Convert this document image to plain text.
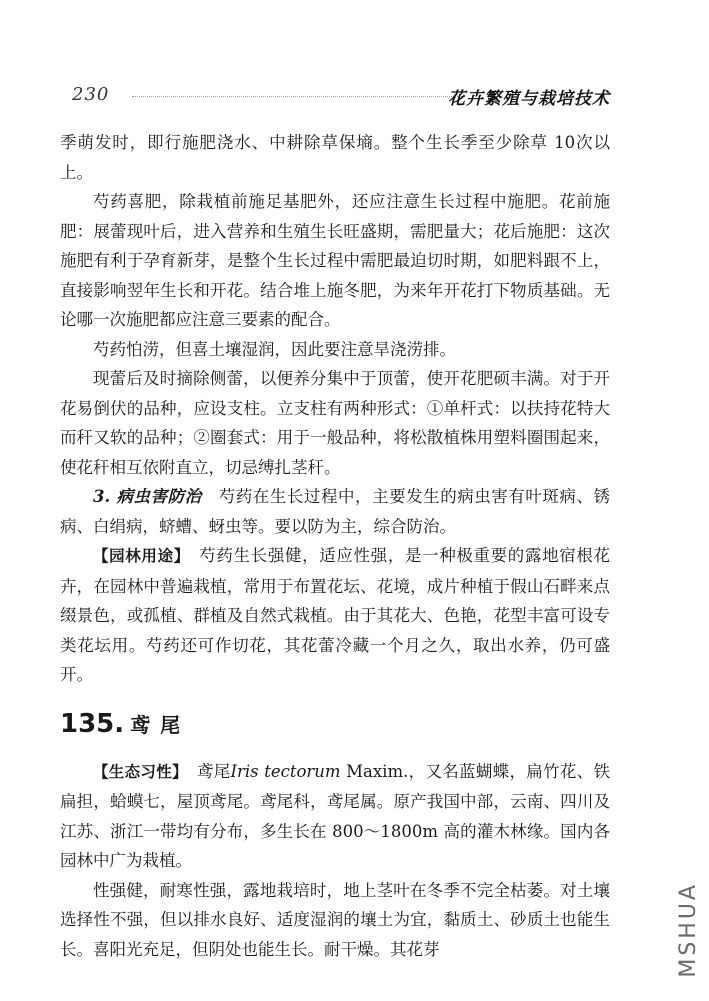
230	花卉繁殖与栽培技术

季萌发时，即行施肥浇水、中耕除草保墒。整个生长季至少除草 10次以上。

芍药喜肥，除栽植前施足基肥外，还应注意生长过程中施肥。花前施肥：展蕾现叶后，进入营养和生殖生长旺盛期，需肥量大；花后施肥：这次施肥有利于孕育新芽，是整个生长过程中需肥最迫切时期，如肥料跟不上，直接影响翌年生长和开花。结合堆上施冬肥，为来年开花打下物质基础。无论哪一次施肥都应注意三要素的配合。

芍药怕涝，但喜土壤湿润，因此要注意旱浇涝排。

现蕾后及时摘除侧蕾，以便养分集中于顶蕾，使开花肥硕丰满。对于开花易倒伏的品种，应设支柱。立支柱有两种形式：①单杆式：以扶持花特大而秆又软的品种；②圈套式：用于一般品种，将松散植株用塑料圈围起来，使花秆相互依附直立，切忌缚扎茎秆。

3. 病虫害防治　 芍药在生长过程中，主要发生的病虫害有叶斑病、锈病、白绢病，蛴螬、蚜虫等。要以防为主，综合防治。

【园林用途】　 芍药生长强健，适应性强，是一种极重要的露地宿根花卉，在园林中普遍栽植，常用于布置花坛、花境，成片种植于假山石畔来点缀景色，或孤植、群植及自然式栽植。由于其花大、色艳，花型丰富可设专类花坛用。芍药还可作切花，其花蕾冷藏一个月之久，取出水养，仍可盛开。

135. 鸢尾

【生态习性】　 鸢尾Iris tectorum Maxim.，又名蓝蝴蝶，扁竹花、铁扁担，蛤蟆七，屋顶鸢尾。鸢尾科，鸢尾属。原产我国中部，云南、四川及江苏、浙江一带均有分布，多生长在 800～1800m 高的灌木林缘。国内各园林中广为栽植。

性强健，耐寒性强，露地栽培时，地上茎叶在冬季不完全枯萎。对土壤选择性不强，但以排水良好、适度湿润的壤土为宜，黏质土、砂质土也能生长。喜阳光充足，但阴处也能生长。耐干燥。其花芽	MSHUA
